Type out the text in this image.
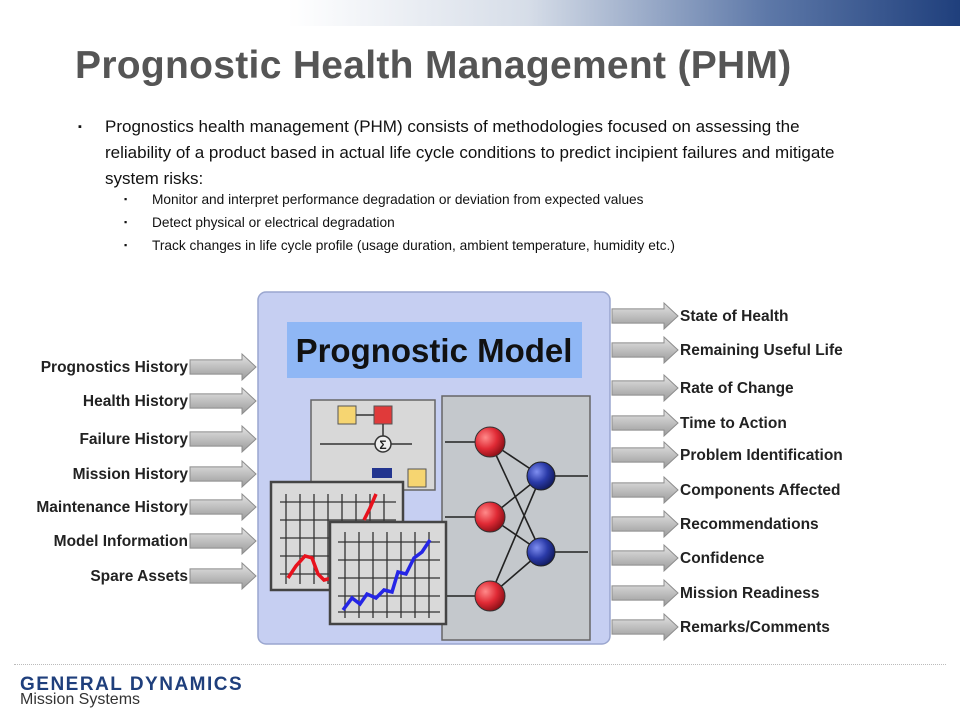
Prognostic Health Management (PHM)
▪ Prognostics health management (PHM) consists of methodologies focused on assessing the reliability of a product based in actual life cycle conditions to predict incipient failures and mitigate system risks:
▪ Monitor and interpret performance degradation or deviation from expected values
▪ Detect physical or electrical degradation
▪ Track changes in life cycle profile (usage duration, ambient temperature, humidity etc.)
Prognostic Model
Prognostics History
Health History
Failure History
Mission History
Maintenance History
Model Information
Spare Assets
State of Health
Remaining Useful Life
Rate of Change
Time to Action
Problem Identification
Components Affected
Recommendations
Confidence
Mission Readiness
Remarks/Comments
Σ
GENERAL DYNAMICS
Mission Systems
